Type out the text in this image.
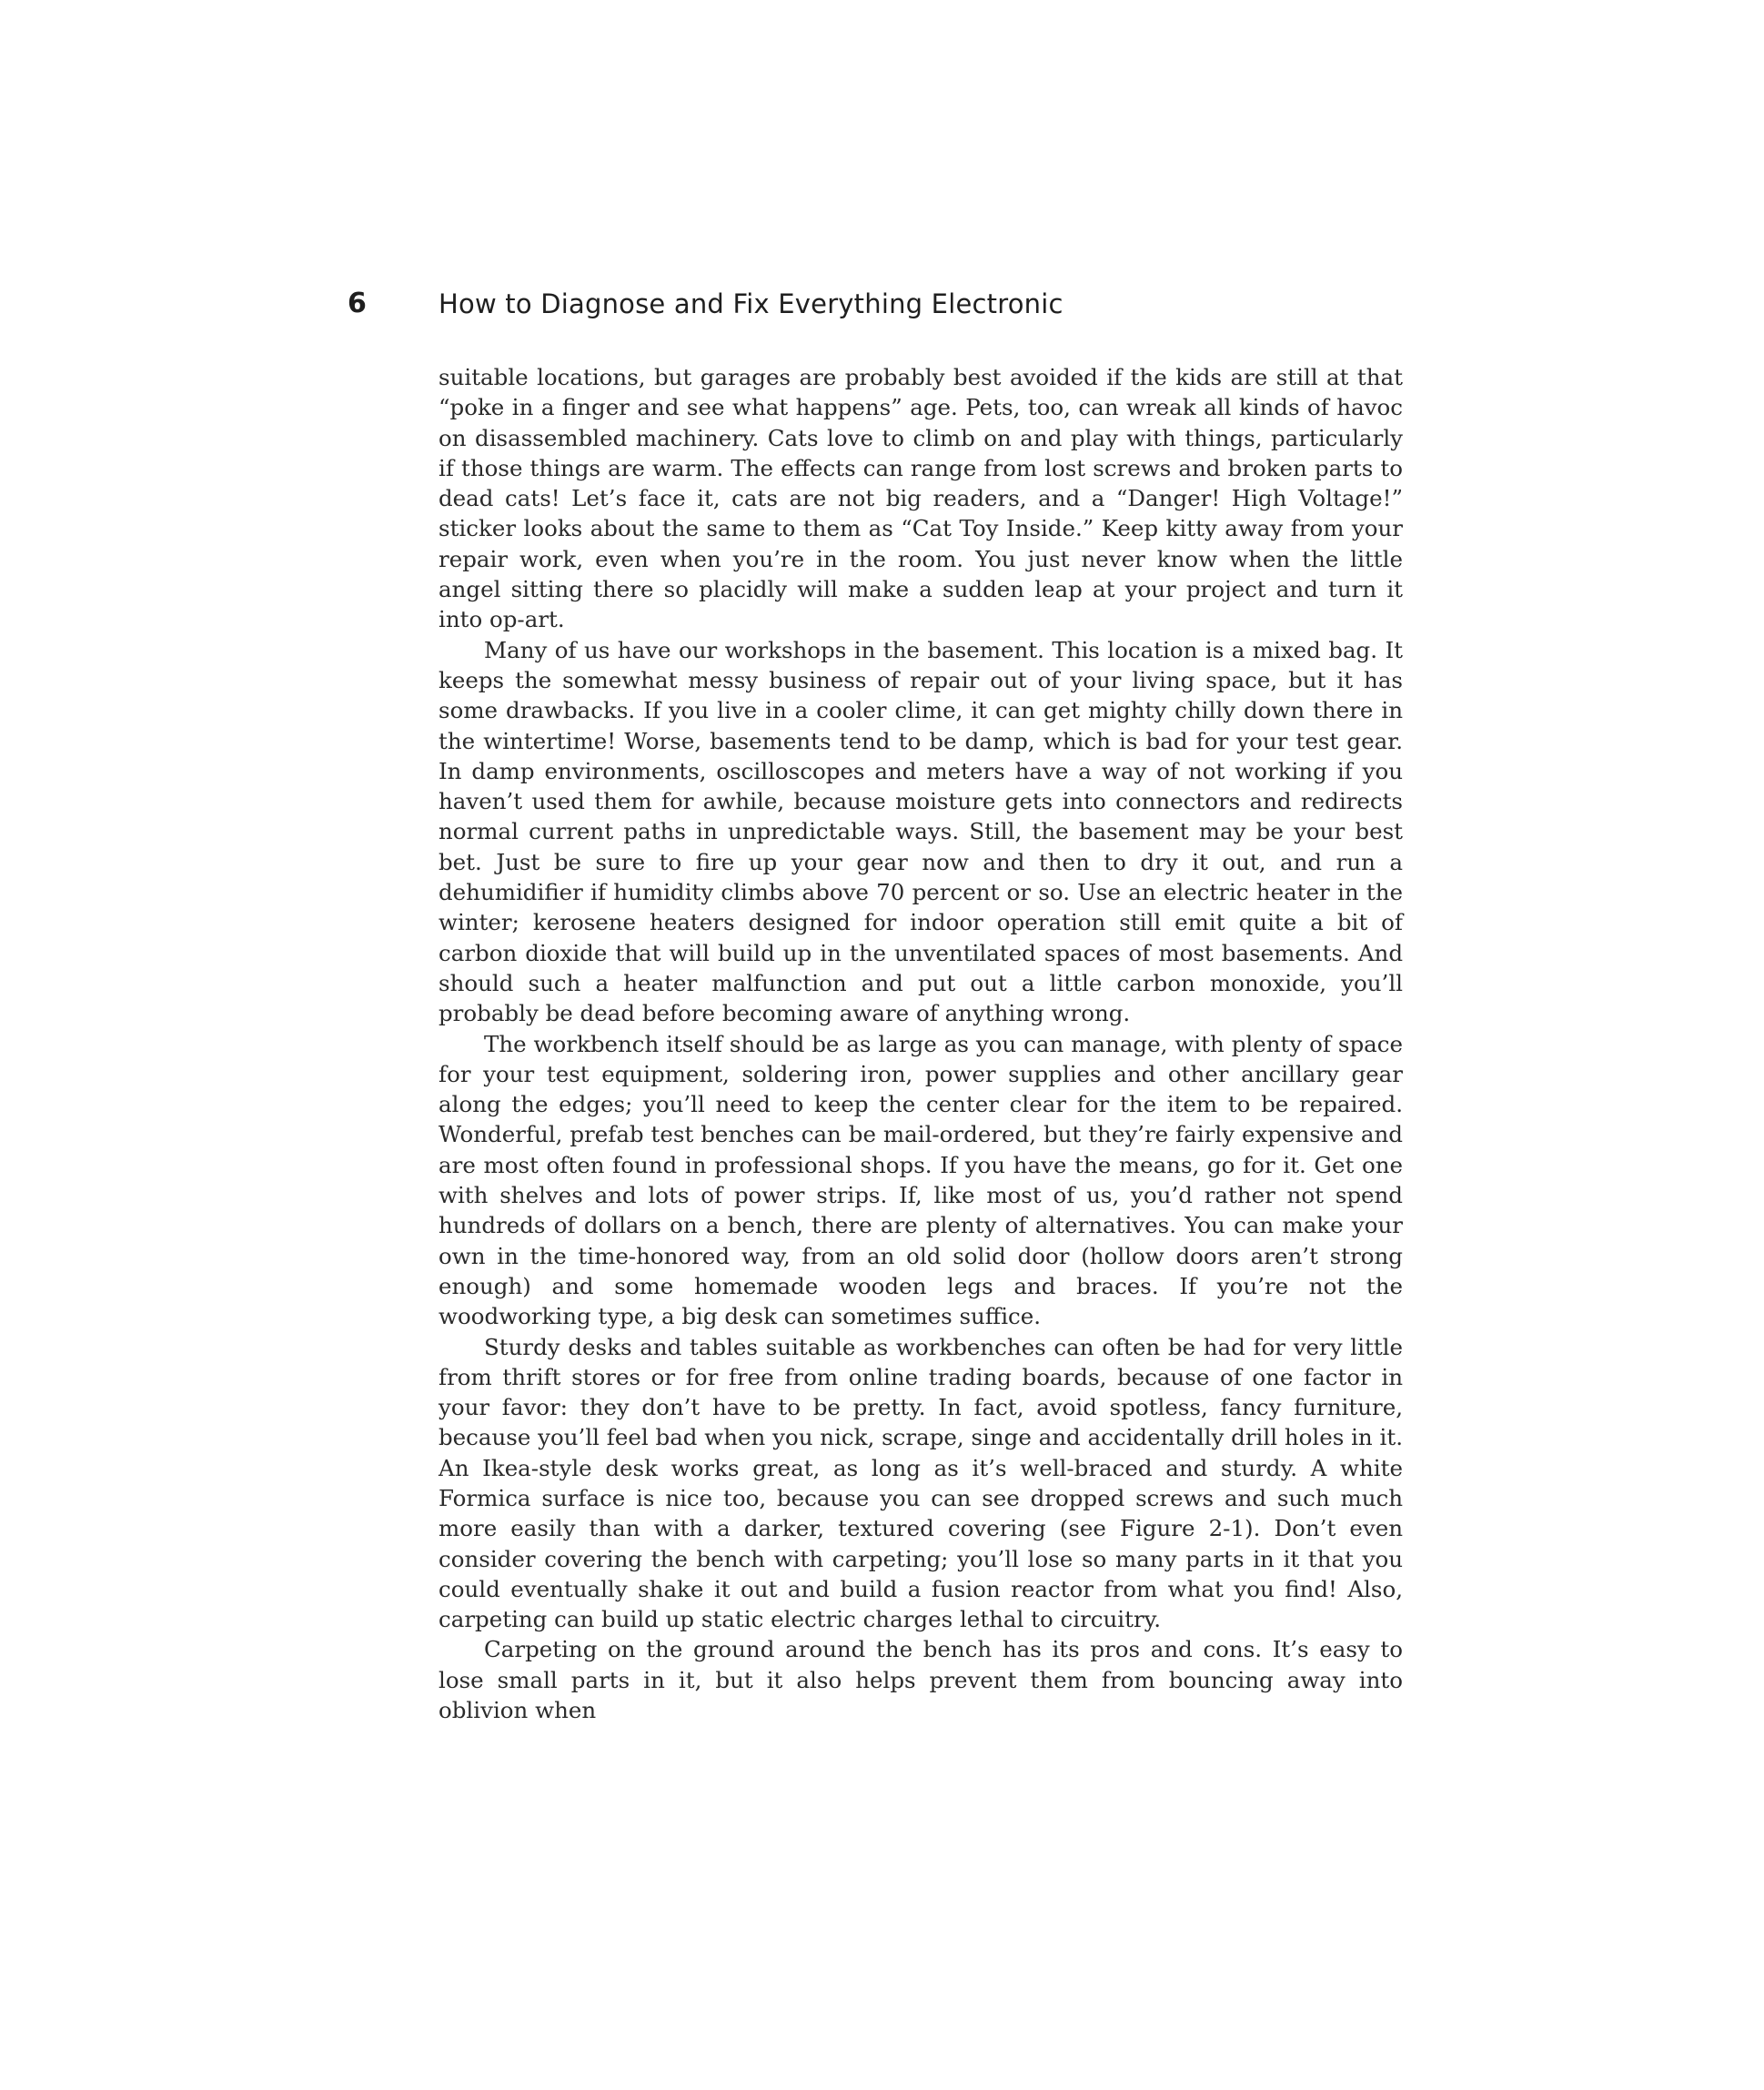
6	How to Diagnose and Fix Everything Electronic

suitable locations, but garages are probably best avoided if the kids are still at that “poke in a finger and see what happens” age. Pets, too, can wreak all kinds of havoc on disassembled machinery. Cats love to climb on and play with things, particularly if those things are warm. The effects can range from lost screws and broken parts to dead cats! Let’s face it, cats are not big readers, and a “Danger! High Voltage!” sticker looks about the same to them as “Cat Toy Inside.” Keep kitty away from your repair work, even when you’re in the room. You just never know when the little angel sitting there so placidly will make a sudden leap at your project and turn it into op-art.

Many of us have our workshops in the basement. This location is a mixed bag. It keeps the somewhat messy business of repair out of your living space, but it has some drawbacks. If you live in a cooler clime, it can get mighty chilly down there in the wintertime! Worse, basements tend to be damp, which is bad for your test gear. In damp environments, oscilloscopes and meters have a way of not working if you haven’t used them for awhile, because moisture gets into connectors and redirects normal current paths in unpredictable ways. Still, the basement may be your best bet. Just be sure to fire up your gear now and then to dry it out, and run a dehumidifier if humidity climbs above 70 percent or so. Use an electric heater in the winter; kerosene heaters designed for indoor operation still emit quite a bit of carbon dioxide that will build up in the unventilated spaces of most basements. And should such a heater malfunction and put out a little carbon monoxide, you’ll probably be dead before becoming aware of anything wrong.

The workbench itself should be as large as you can manage, with plenty of space for your test equipment, soldering iron, power supplies and other ancillary gear along the edges; you’ll need to keep the center clear for the item to be repaired. Wonderful, prefab test benches can be mail-ordered, but they’re fairly expensive and are most often found in professional shops. If you have the means, go for it. Get one with shelves and lots of power strips. If, like most of us, you’d rather not spend hundreds of dollars on a bench, there are plenty of alternatives. You can make your own in the time-honored way, from an old solid door (hollow doors aren’t strong enough) and some homemade wooden legs and braces. If you’re not the woodworking type, a big desk can sometimes suffice.

Sturdy desks and tables suitable as workbenches can often be had for very little from thrift stores or for free from online trading boards, because of one factor in your favor: they don’t have to be pretty. In fact, avoid spotless, fancy furniture, because you’ll feel bad when you nick, scrape, singe and accidentally drill holes in it. An Ikea-style desk works great, as long as it’s well-braced and sturdy. A white Formica surface is nice too, because you can see dropped screws and such much more easily than with a darker, textured covering (see Figure 2-1). Don’t even consider covering the bench with carpeting; you’ll lose so many parts in it that you could eventually shake it out and build a fusion reactor from what you find! Also, carpeting can build up static electric charges lethal to circuitry.

Carpeting on the ground around the bench has its pros and cons. It’s easy to lose small parts in it, but it also helps prevent them from bouncing away into oblivion when
